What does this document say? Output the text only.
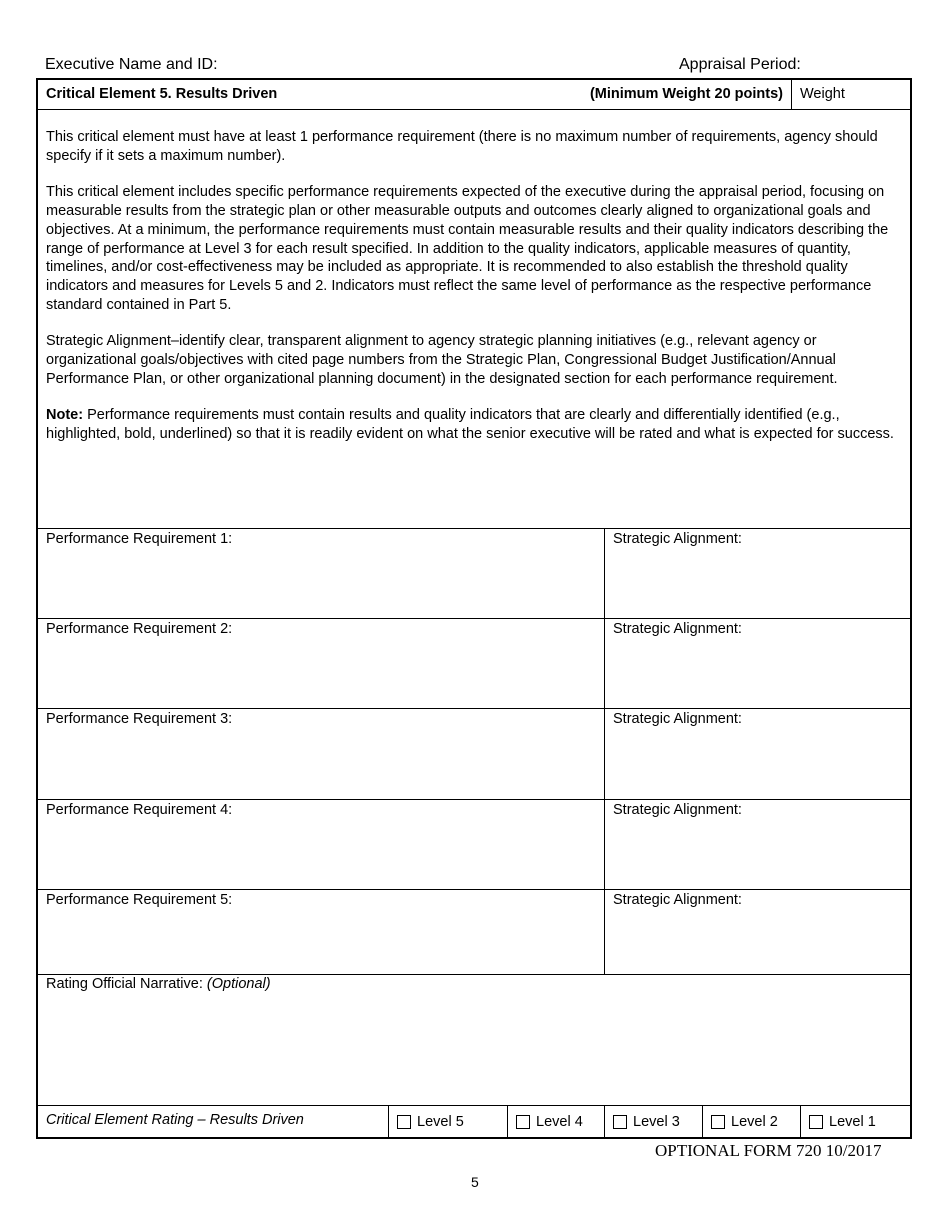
Executive Name and ID:	Appraisal Period:
Critical Element 5. Results Driven	(Minimum Weight 20 points)	Weight

This critical element must have at least 1 performance requirement (there is no maximum number of requirements, agency should specify if it sets a maximum number).

This critical element includes specific performance requirements expected of the executive during the appraisal period, focusing on measurable results from the strategic plan or other measurable outputs and outcomes clearly aligned to organizational goals and objectives. At a minimum, the performance requirements must contain measurable results and their quality indicators describing the range of performance at Level 3 for each result specified. In addition to the quality indicators, applicable measures of quantity, timelines, and/or cost-effectiveness may be included as appropriate. It is recommended to also establish the threshold quality indicators and measures for Levels 5 and 2. Indicators must reflect the same level of performance as the respective performance standard contained in Part 5.

Strategic Alignment–identify clear, transparent alignment to agency strategic planning initiatives (e.g., relevant agency or organizational goals/objectives with cited page numbers from the Strategic Plan, Congressional Budget Justification/Annual Performance Plan, or other organizational planning document) in the designated section for each performance requirement.

Note: Performance requirements must contain results and quality indicators that are clearly and differentially identified (e.g., highlighted, bold, underlined) so that it is readily evident on what the senior executive will be rated and what is expected for success.

Performance Requirement 1:	Strategic Alignment:
Performance Requirement 2:	Strategic Alignment:
Performance Requirement 3:	Strategic Alignment:
Performance Requirement 4:	Strategic Alignment:
Performance Requirement 5:	Strategic Alignment:
Rating Official Narrative: (Optional)
Critical Element Rating – Results Driven	Level 5	Level 4	Level 3	Level 2	Level 1
OPTIONAL FORM 720 10/2017
5
